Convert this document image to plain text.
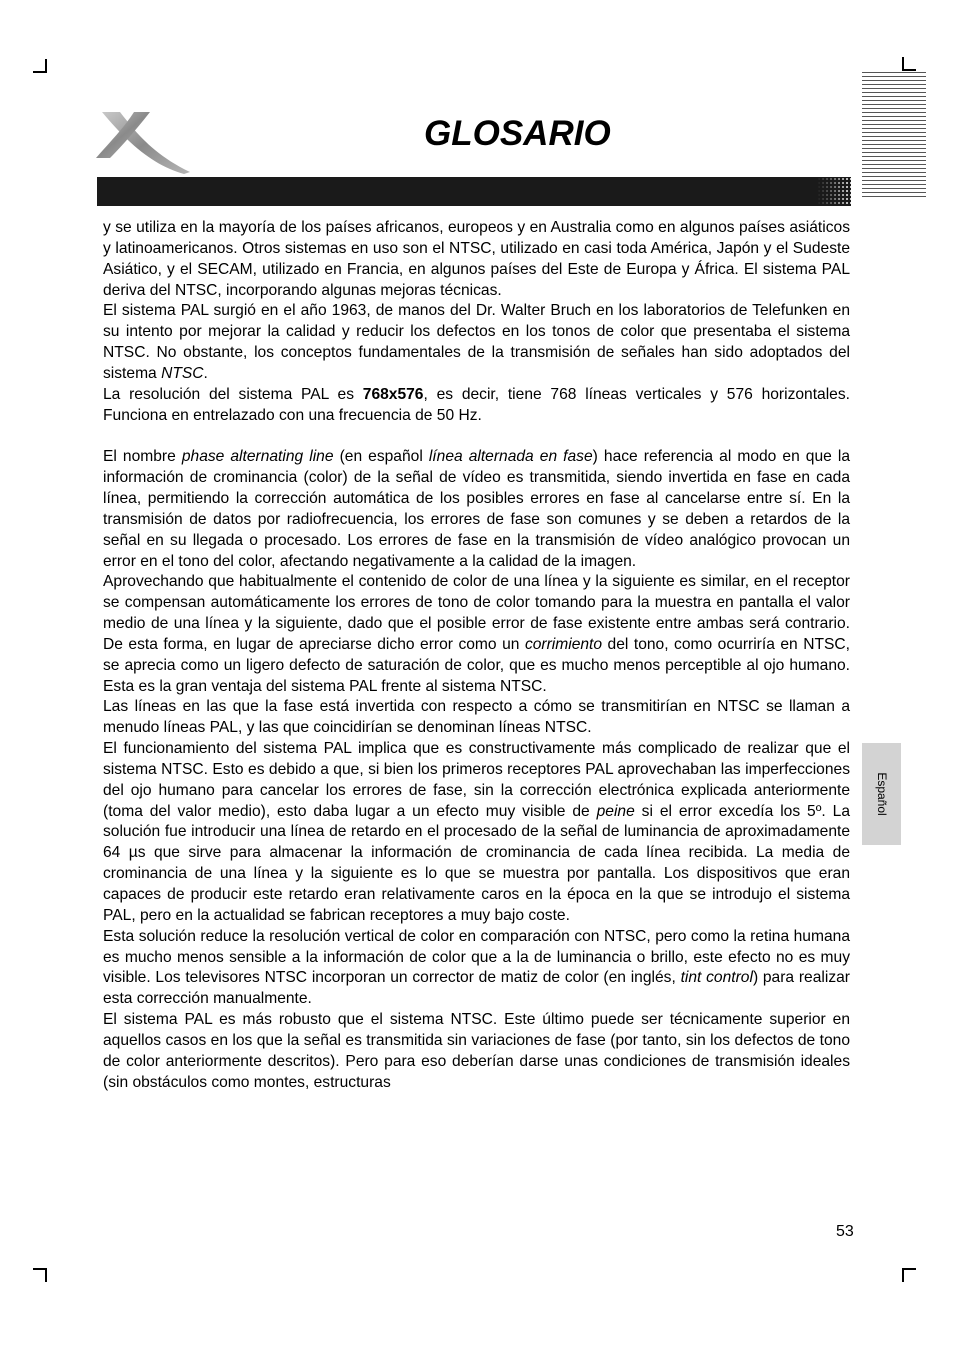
GLOSARIO

y se utiliza en la mayoría de los países africanos, europeos y en Australia como en algunos países asiáticos y latinoamericanos. Otros sistemas en uso son el NTSC, utilizado en casi toda América, Japón y el Sudeste Asiático, y el SECAM, utilizado en Francia, en algunos países del Este de Europa y África. El sistema PAL deriva del NTSC, incorporando algunas mejoras técnicas.

El sistema PAL surgió en el año 1963, de manos del Dr. Walter Bruch en los laboratorios de Telefunken en su intento por mejorar la calidad y reducir los defectos en los tonos de color que presentaba el sistema NTSC. No obstante, los conceptos fundamentales de la transmisión de señales han sido adoptados del sistema NTSC.

La resolución del sistema PAL es 768x576, es decir, tiene 768 líneas verticales y 576 horizontales. Funciona en entrelazado con una frecuencia de 50 Hz.

El nombre phase alternating line (en español línea alternada en fase) hace referencia al modo en que la información de crominancia (color) de la señal de vídeo es transmitida, siendo invertida en fase en cada línea, permitiendo la corrección automática de los posibles errores en fase al cancelarse entre sí. En la transmisión de datos por radiofrecuencia, los errores de fase son comunes y se deben a retardos de la señal en su llegada o procesado. Los errores de fase en la transmisión de vídeo analógico provocan un error en el tono del color, afectando negativamente a la calidad de la imagen.

Aprovechando que habitualmente el contenido de color de una línea y la siguiente es similar, en el receptor se compensan automáticamente los errores de tono de color tomando para la muestra en pantalla el valor medio de una línea y la siguiente, dado que el posible error de fase existente entre ambas será contrario. De esta forma, en lugar de apreciarse dicho error como un corrimiento del tono, como ocurriría en NTSC, se aprecia como un ligero defecto de saturación de color, que es mucho menos perceptible al ojo humano. Esta es la gran ventaja del sistema PAL frente al sistema NTSC.

Las líneas en las que la fase está invertida con respecto a cómo se transmitirían en NTSC se llaman a menudo líneas PAL, y las que coincidirían se denominan líneas NTSC.

El funcionamiento del sistema PAL implica que es constructivamente más complicado de realizar que el sistema NTSC. Esto es debido a que, si bien los primeros receptores PAL aprovechaban las imperfecciones del ojo humano para cancelar los errores de fase, sin la corrección electrónica explicada anteriormente (toma del valor medio), esto daba lugar a un efecto muy visible de peine si el error excedía los 5º. La solución fue introducir una línea de retardo en el procesado de la señal de luminancia de aproximadamente 64 µs que sirve para almacenar la información de crominancia de cada línea recibida. La media de crominancia de una línea y la siguiente es lo que se muestra por pantalla. Los dispositivos que eran capaces de producir este retardo eran relativamente caros en la época en la que se introdujo el sistema PAL, pero en la actualidad se fabrican receptores a muy bajo coste.

Esta solución reduce la resolución vertical de color en comparación con NTSC, pero como la retina humana es mucho menos sensible a la información de color que a la de luminancia o brillo, este efecto no es muy visible. Los televisores NTSC incorporan un corrector de matiz de color (en inglés, tint control) para realizar esta corrección manualmente.

El sistema PAL es más robusto que el sistema NTSC. Este último puede ser técnicamente superior en aquellos casos en los que la señal es transmitida sin variaciones de fase (por tanto, sin los defectos de tono de color anteriormente descritos). Pero para eso deberían darse unas condiciones de transmisión ideales (sin obstáculos como montes, estructuras

Español
53
